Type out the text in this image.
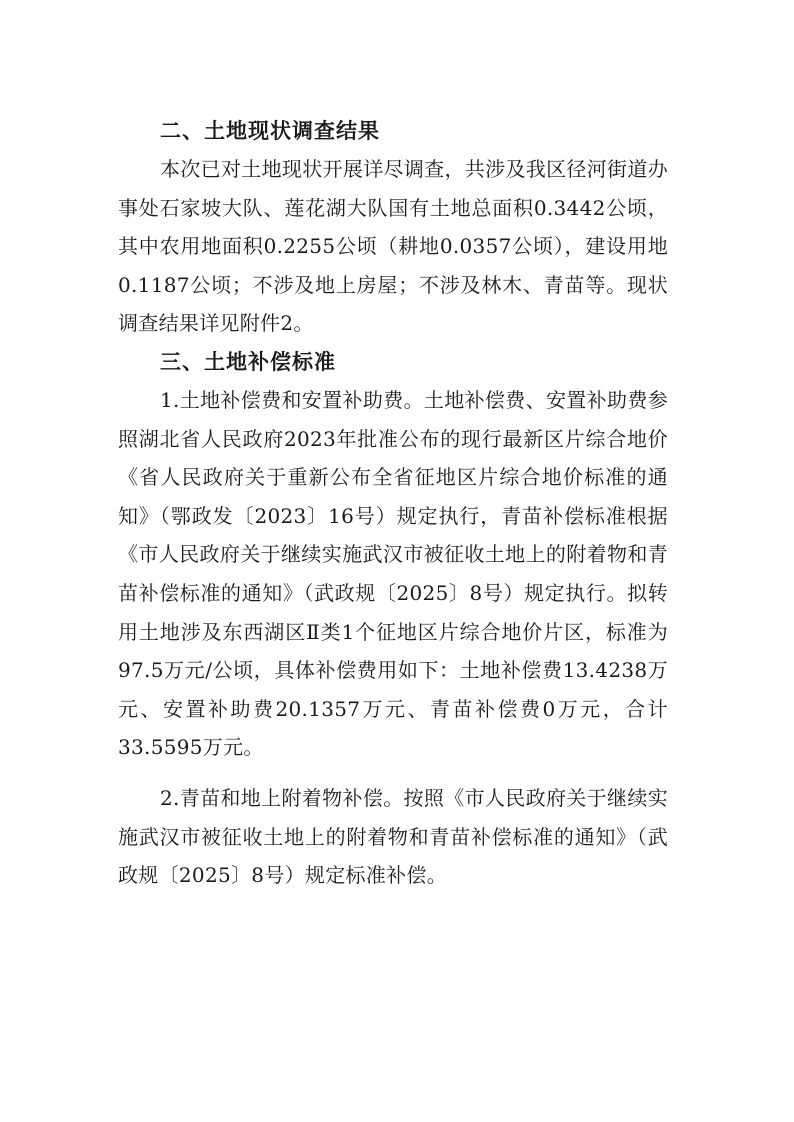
二、土地现状调查结果

本次已对土地现状开展详尽调查，共涉及我区径河街道办事处石家坡大队、莲花湖大队国有土地总面积0.3442公顷，其中农用地面积0.2255公顷（耕地0.0357公顷），建设用地0.1187公顷；不涉及地上房屋；不涉及林木、青苗等。现状调查结果详见附件2。

三、土地补偿标准

1.土地补偿费和安置补助费。土地补偿费、安置补助费参照湖北省人民政府2023年批准公布的现行最新区片综合地价《省人民政府关于重新公布全省征地区片综合地价标准的通知》（鄂政发〔2023〕16号）规定执行，青苗补偿标准根据《市人民政府关于继续实施武汉市被征收土地上的附着物和青苗补偿标准的通知》（武政规〔2025〕8号）规定执行。拟转用土地涉及东西湖区Ⅱ类1个征地区片综合地价片区，标准为97.5万元/公顷，具体补偿费用如下：土地补偿费13.4238万元、安置补助费20.1357万元、青苗补偿费0万元，合计33.5595万元。

2.青苗和地上附着物补偿。按照《市人民政府关于继续实施武汉市被征收土地上的附着物和青苗补偿标准的通知》（武政规〔2025〕8号）规定标准补偿。
